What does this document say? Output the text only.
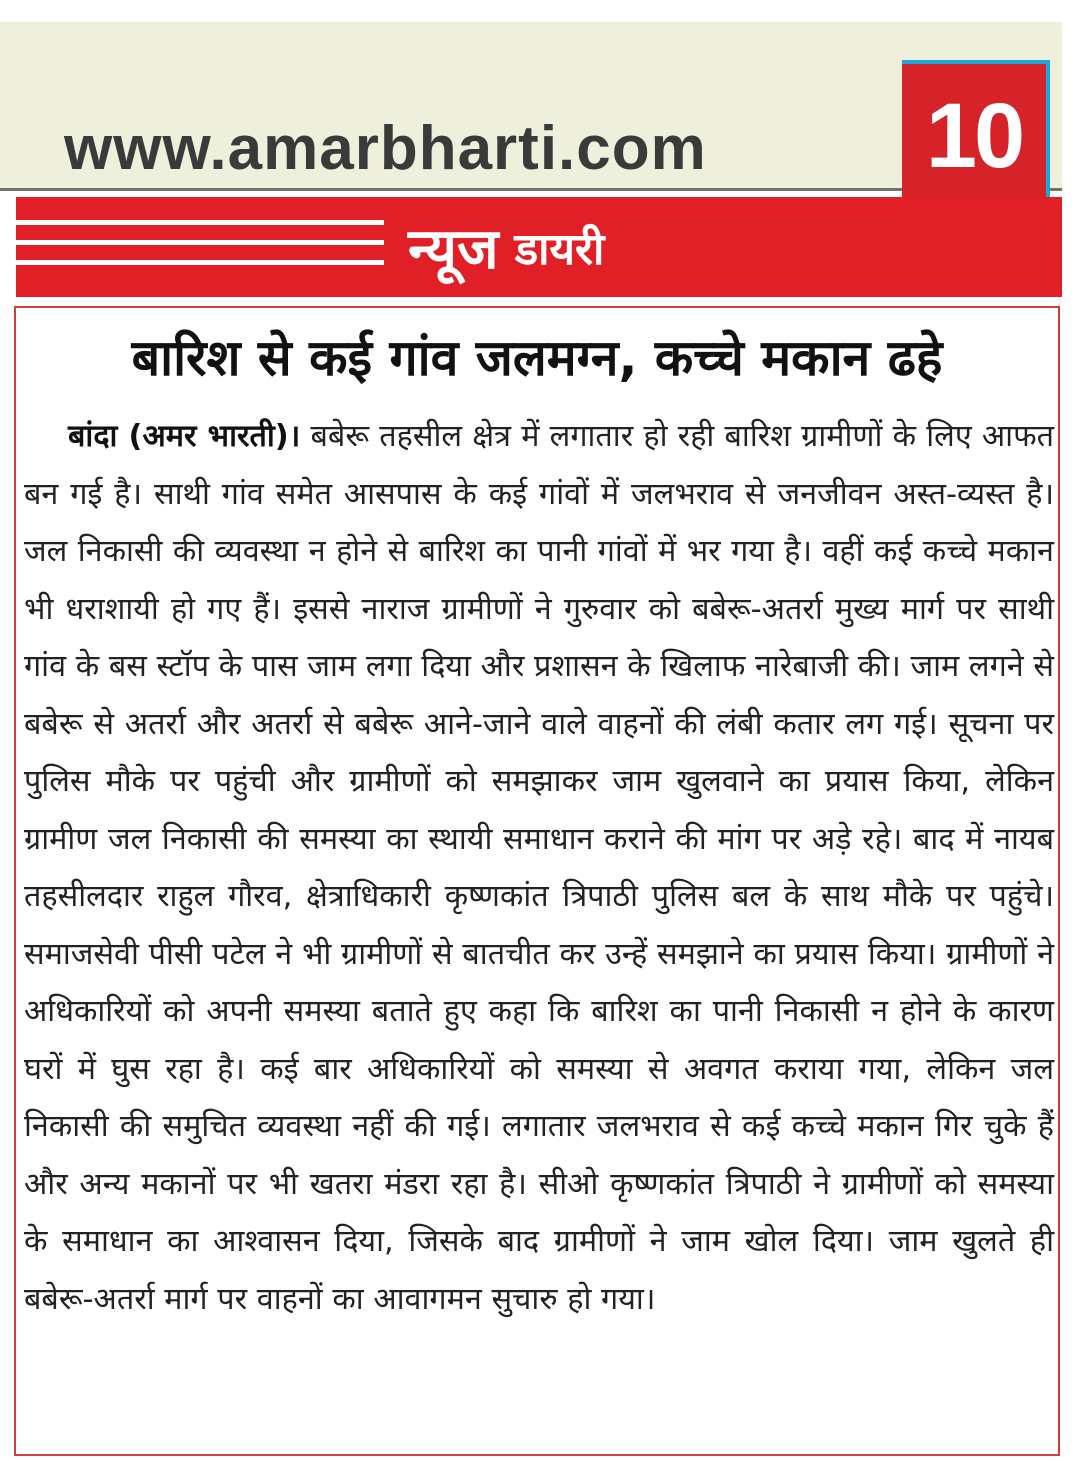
www.amarbharti.com 10
न्यूज डायरी
बारिश से कई गांव जलमग्न, कच्चे मकान ढहे

बांदा (अमर भारती)। बबेरू तहसील क्षेत्र में लगातार हो रही बारिश ग्रामीणों के लिए आफत बन गई है। साथी गांव समेत आसपास के कई गांवों में जलभराव से जनजीवन अस्त-व्यस्त है। जल निकासी की व्यवस्था न होने से बारिश का पानी गांवों में भर गया है। वहीं कई कच्चे मकान भी धराशायी हो गए हैं। इससे नाराज ग्रामीणों ने गुरुवार को बबेरू-अतर्रा मुख्य मार्ग पर साथी गांव के बस स्टॉप के पास जाम लगा दिया और प्रशासन के खिलाफ नारेबाजी की। जाम लगने से बबेरू से अतर्रा और अतर्रा से बबेरू आने-जाने वाले वाहनों की लंबी कतार लग गई। सूचना पर पुलिस मौके पर पहुंची और ग्रामीणों को समझाकर जाम खुलवाने का प्रयास किया, लेकिन ग्रामीण जल निकासी की समस्या का स्थायी समाधान कराने की मांग पर अड़े रहे। बाद में नायब तहसीलदार राहुल गौरव, क्षेत्राधिकारी कृष्णकांत त्रिपाठी पुलिस बल के साथ मौके पर पहुंचे। समाजसेवी पीसी पटेल ने भी ग्रामीणों से बातचीत कर उन्हें समझाने का प्रयास किया। ग्रामीणों ने अधिकारियों को अपनी समस्या बताते हुए कहा कि बारिश का पानी निकासी न होने के कारण घरों में घुस रहा है। कई बार अधिकारियों को समस्या से अवगत कराया गया, लेकिन जल निकासी की समुचित व्यवस्था नहीं की गई। लगातार जलभराव से कई कच्चे मकान गिर चुके हैं और अन्य मकानों पर भी खतरा मंडरा रहा है। सीओ कृष्णकांत त्रिपाठी ने ग्रामीणों को समस्या के समाधान का आश्वासन दिया, जिसके बाद ग्रामीणों ने जाम खोल दिया। जाम खुलते ही बबेरू-अतर्रा मार्ग पर वाहनों का आवागमन सुचारु हो गया।
